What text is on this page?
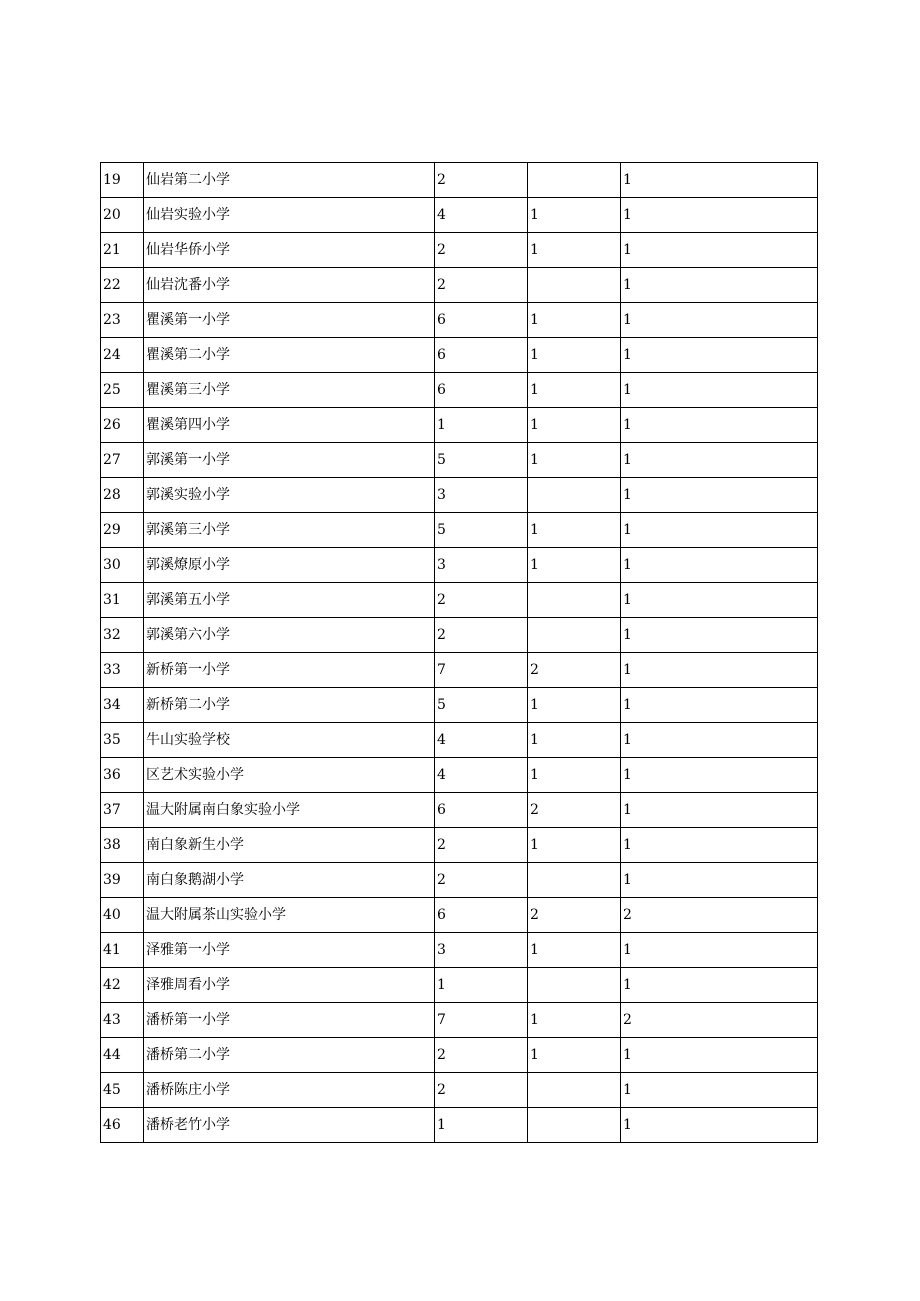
19	仙岩第二小学	2		1
20	仙岩实验小学	4	1	1
21	仙岩华侨小学	2	1	1
22	仙岩沈番小学	2		1
23	瞿溪第一小学	6	1	1
24	瞿溪第二小学	6	1	1
25	瞿溪第三小学	6	1	1
26	瞿溪第四小学	1	1	1
27	郭溪第一小学	5	1	1
28	郭溪实验小学	3		1
29	郭溪第三小学	5	1	1
30	郭溪燎原小学	3	1	1
31	郭溪第五小学	2		1
32	郭溪第六小学	2		1
33	新桥第一小学	7	2	1
34	新桥第二小学	5	1	1
35	牛山实验学校	4	1	1
36	区艺术实验小学	4	1	1
37	温大附属南白象实验小学	6	2	1
38	南白象新生小学	2	1	1
39	南白象鹅湖小学	2		1
40	温大附属茶山实验小学	6	2	2
41	泽雅第一小学	3	1	1
42	泽雅周看小学	1		1
43	潘桥第一小学	7	1	2
44	潘桥第二小学	2	1	1
45	潘桥陈庄小学	2		1
46	潘桥老竹小学	1		1
